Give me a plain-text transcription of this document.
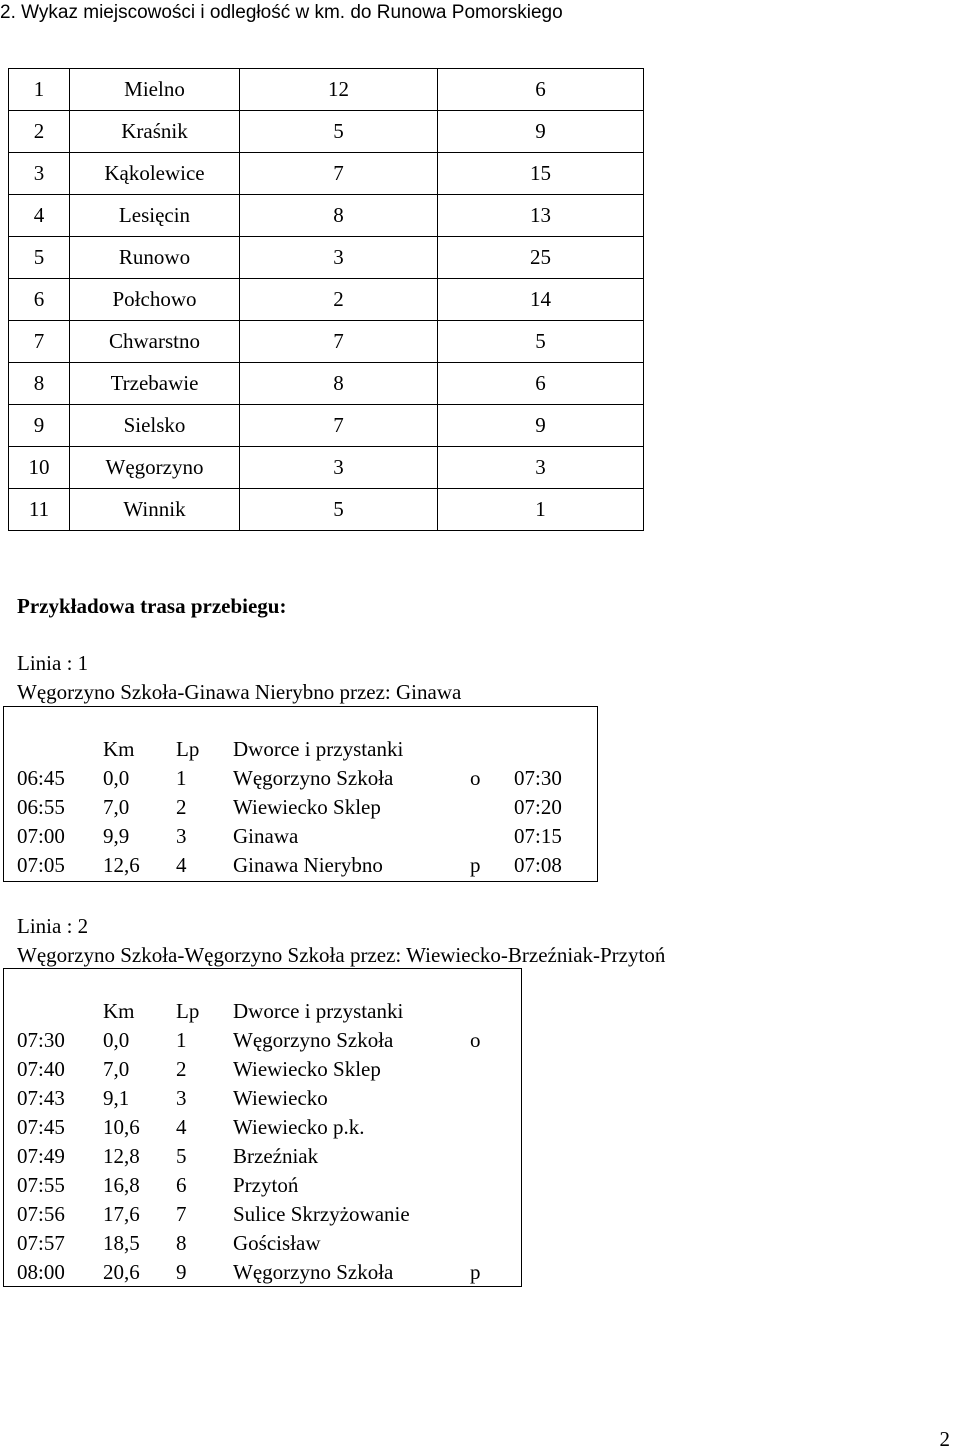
2. Wykaz miejscowości i odległość w km. do Runowa Pomorskiego
1	Mielno	12	6
2	Kraśnik	5	9
3	Kąkolewice	7	15
4	Lesięcin	8	13
5	Runowo	3	25
6	Połchowo	2	14
7	Chwarstno	7	5
8	Trzebawie	8	6
9	Sielsko	7	9
10	Węgorzyno	3	3
11	Winnik	5	1
Przykładowa trasa przebiegu:
Linia : 1
Węgorzyno Szkoła-Ginawa Nierybno przez: Ginawa
Km Lp Dworce i przystanki
06:45 0,0 1 Węgorzyno Szkoła	o 07:30
06:55 7,0 2 Wiewiecko Sklep	07:20
07:00 9,9 3 Ginawa	07:15
07:05 12,6 4 Ginawa Nierybno	p 07:08
Linia : 2
Węgorzyno Szkoła-Węgorzyno Szkoła przez: Wiewiecko-Brzeźniak-Przytoń
Km Lp Dworce i przystanki
07:30 0,0 1 Węgorzyno Szkoła	o
07:40 7,0 2 Wiewiecko Sklep
07:43 9,1 3 Wiewiecko
07:45 10,6 4 Wiewiecko p.k.
07:49 12,8 5 Brzeźniak
07:55 16,8 6 Przytoń
07:56 17,6 7 Sulice Skrzyżowanie
07:57 18,5 8 Gościsław
08:00 20,6 9 Węgorzyno Szkoła	p
2
